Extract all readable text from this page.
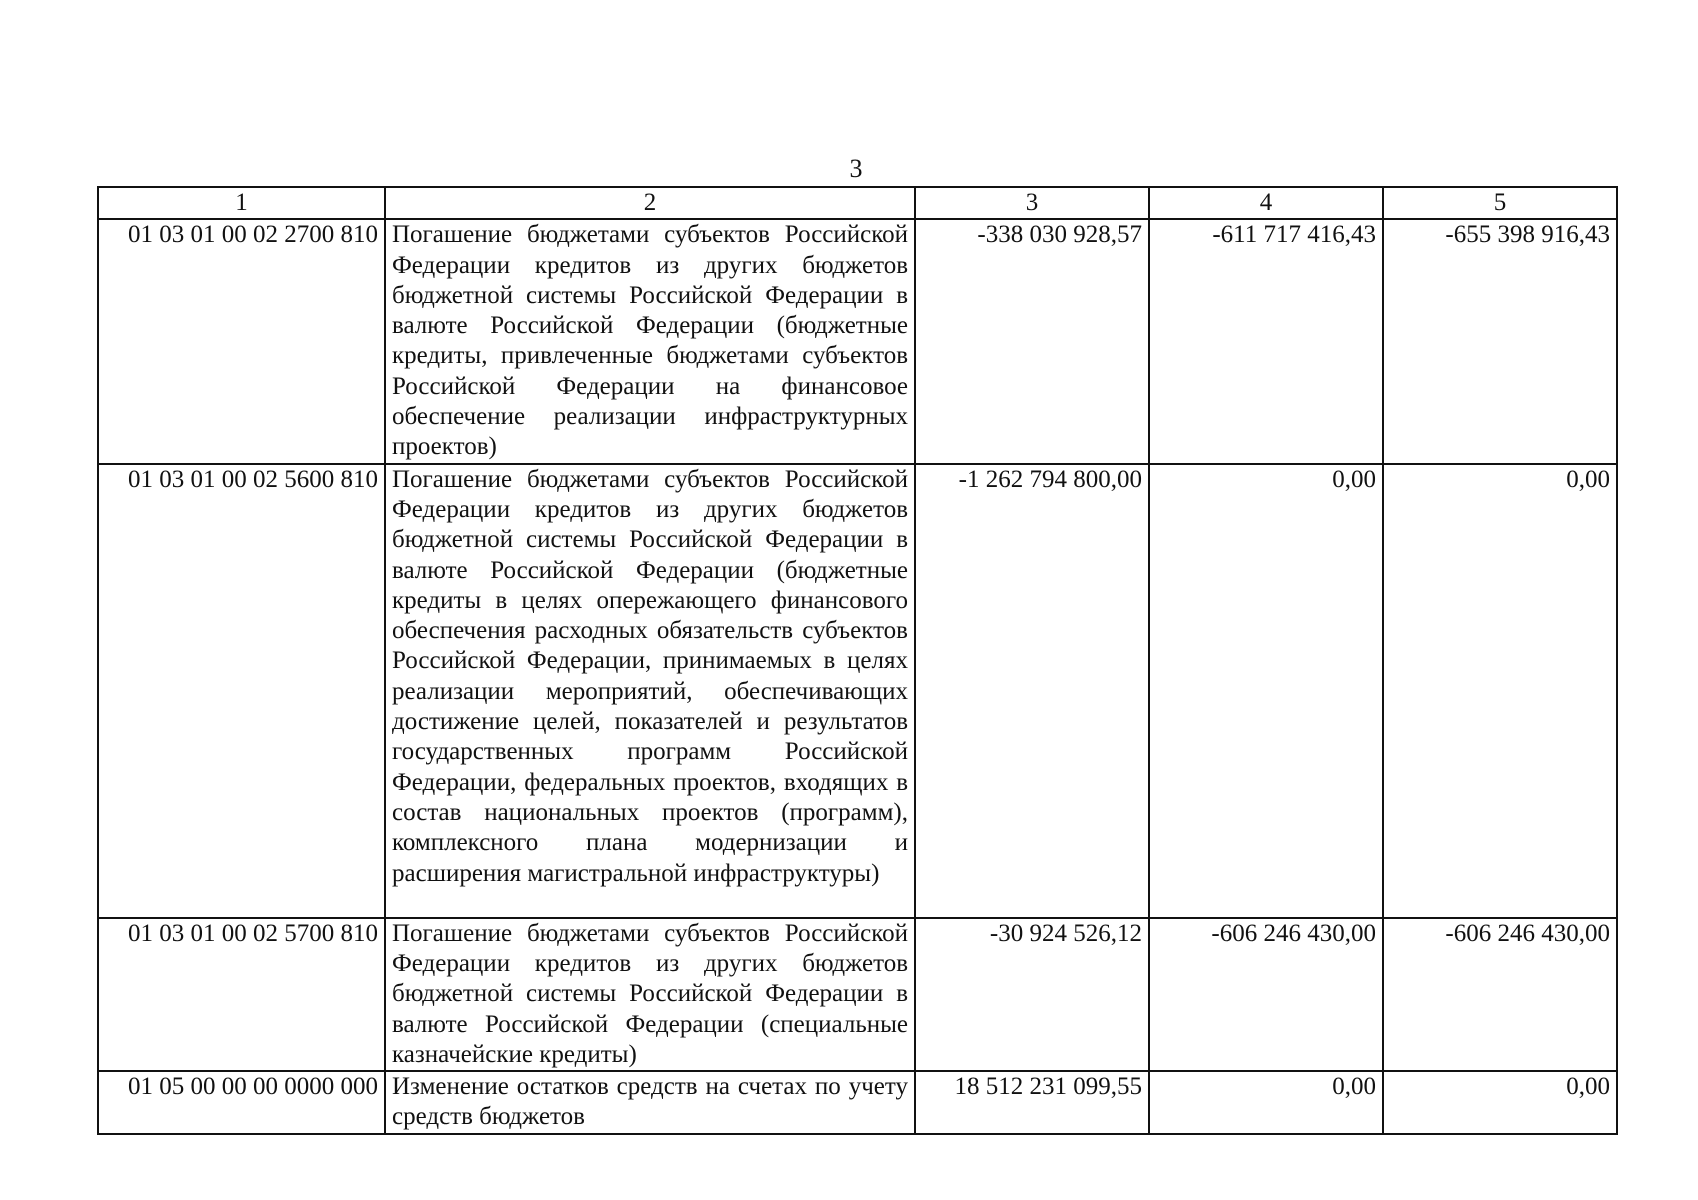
3
1	2	3	4	5
01 03 01 00 02 2700 810	Погашение бюджетами субъектов Российской Федерации кредитов из других бюджетов бюджетной системы Российской Федерации в валюте Российской Федерации (бюджетные кредиты, привлеченные бюджетами субъектов Российской Федерации на финансовое обеспечение реализации инфраструктурных проектов)	-338 030 928,57	-611 717 416,43	-655 398 916,43
01 03 01 00 02 5600 810	Погашение бюджетами субъектов Российской Федерации кредитов из других бюджетов бюджетной системы Российской Федерации в валюте Российской Федерации (бюджетные кредиты в целях опережающего финансового обеспечения расходных обязательств субъектов Российской Федерации, принимаемых в целях реализации мероприятий, обеспечивающих достижение целей, показателей и результатов государственных программ Российской Федерации, федеральных проектов, входящих в состав национальных проектов (программ), комплексного плана модернизации и расширения магистральной инфраструктуры)	-1 262 794 800,00	0,00	0,00
01 03 01 00 02 5700 810	Погашение бюджетами субъектов Российской Федерации кредитов из других бюджетов бюджетной системы Российской Федерации в валюте Российской Федерации (специальные казначейские кредиты)	-30 924 526,12	-606 246 430,00	-606 246 430,00
01 05 00 00 00 0000 000	Изменение остатков средств на счетах по учету средств бюджетов	18 512 231 099,55	0,00	0,00
